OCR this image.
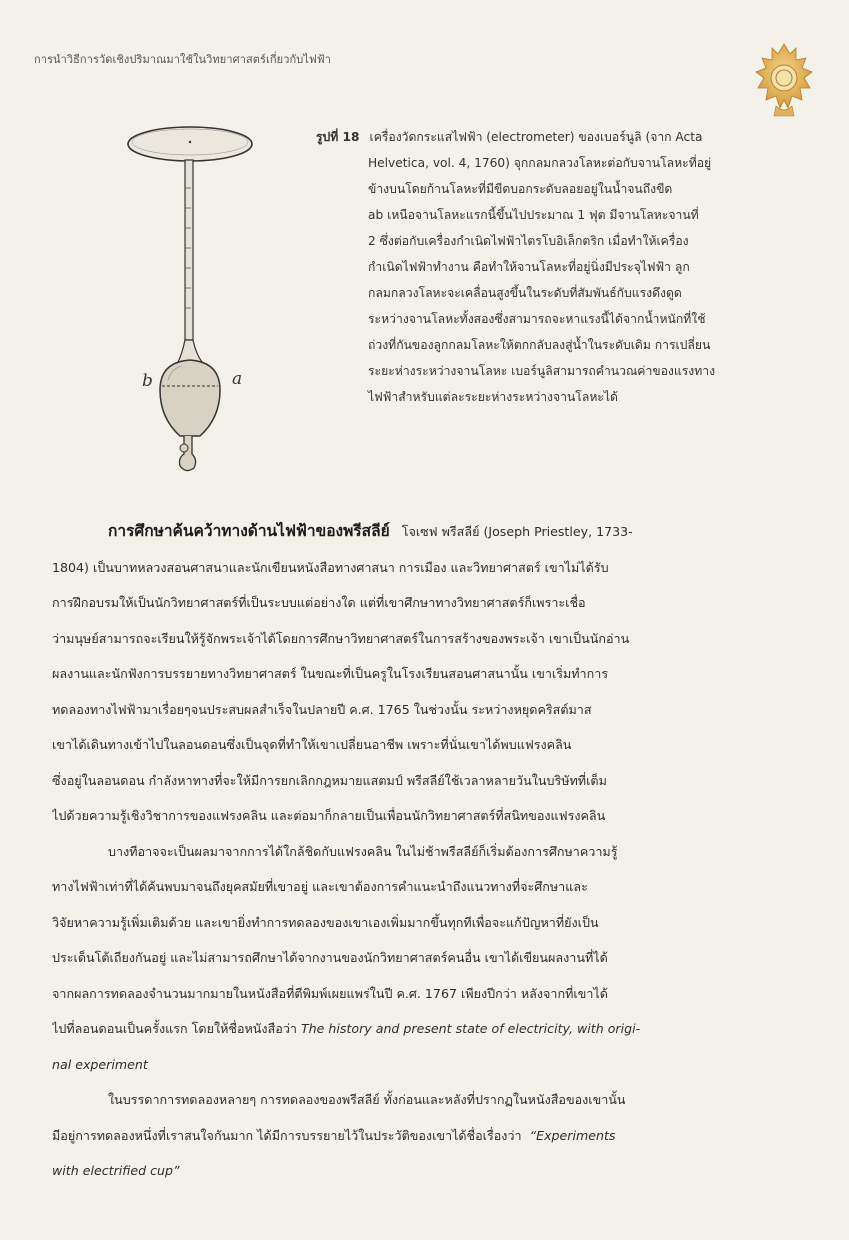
การนำวิธีการวัดเชิงปริมาณมาใช้ในวิทยาศาสตร์เกี่ยวกับไฟฟ้า
b	a
รูปที่ 18 เครื่องวัดกระแสไฟฟ้า (electrometer) ของเบอร์นูลิ (จาก Acta
Helvetica, vol. 4, 1760) จุกกลมกลวงโลหะต่อกับจานโลหะที่อยู่
ข้างบนโดยก้านโลหะที่มีขีดบอกระดับลอยอยู่ในน้ำจนถึงขีด
ab เหนือจานโลหะแรกนี้ขึ้นไปประมาณ 1 ฟุต มีจานโลหะจานที่
2 ซึ่งต่อกับเครื่องกำเนิดไฟฟ้าไตรโบอิเล็กตริก เมื่อทำให้เครื่อง
กำเนิดไฟฟ้าทำงาน คือทำให้จานโลหะที่อยู่นิ่งมีประจุไฟฟ้า ลูก
กลมกลวงโลหะจะเคลื่อนสูงขึ้นในระดับที่สัมพันธ์กับแรงดึงดูด
ระหว่างจานโลหะทั้งสองซึ่งสามารถจะหาแรงนี้ได้จากน้ำหนักที่ใช้
ถ่วงที่กันของลูกกลมโลหะให้ตกกลับลงสู่น้ำในระดับเดิม การเปลี่ยน
ระยะห่างระหว่างจานโลหะ เบอร์นูลิสามารถคำนวณค่าของแรงทาง
ไฟฟ้าสำหรับแต่ละระยะห่างระหว่างจานโลหะได้
การศึกษาค้นคว้าทางด้านไฟฟ้าของพรีสลีย์ โจเซฟ พรีสลีย์ (Joseph Priestley, 1733-
1804) เป็นบาทหลวงสอนศาสนาและนักเขียนหนังสือทางศาสนา การเมือง และวิทยาศาสตร์ เขาไม่ได้รับ
การฝึกอบรมให้เป็นนักวิทยาศาสตร์ที่เป็นระบบแต่อย่างใด แต่ที่เขาศึกษาทางวิทยาศาสตร์ก็เพราะเชื่อ
ว่ามนุษย์สามารถจะเรียนให้รู้จักพระเจ้าได้โดยการศึกษาวิทยาศาสตร์ในการสร้างของพระเจ้า เขาเป็นนักอ่าน
ผลงานและนักฟังการบรรยายทางวิทยาศาสตร์ ในขณะที่เป็นครูในโรงเรียนสอนศาสนานั้น เขาเริ่มทำการ
ทดลองทางไฟฟ้ามาเรื่อยๆจนประสบผลสำเร็จในปลายปี ค.ศ. 1765 ในช่วงนั้น ระหว่างหยุดคริสต์มาส
เขาได้เดินทางเข้าไปในลอนดอนซึ่งเป็นจุดที่ทำให้เขาเปลี่ยนอาชีพ เพราะที่นั่นเขาได้พบแฟรงคลิน
ซึ่งอยู่ในลอนดอน กำลังหาทางที่จะให้มีการยกเลิกกฎหมายแสตมป์ พรีสลีย์ใช้เวลาหลายวันในบริษัทที่เต็ม
ไปด้วยความรู้เชิงวิชาการของแฟรงคลิน และต่อมาก็กลายเป็นเพื่อนนักวิทยาศาสตร์ที่สนิทของแฟรงคลิน
บางทีอาจจะเป็นผลมาจากการได้ใกล้ชิดกับแฟรงคลิน ในไม่ช้าพรีสลีย์ก็เริ่มต้องการศึกษาความรู้
ทางไฟฟ้าเท่าที่ได้ค้นพบมาจนถึงยุคสมัยที่เขาอยู่ และเขาต้องการคำแนะนำถึงแนวทางที่จะศึกษาและ
วิจัยหาความรู้เพิ่มเติมด้วย และเขายิ่งทำการทดลองของเขาเองเพิ่มมากขึ้นทุกทีเพื่อจะแก้ปัญหาที่ยังเป็น
ประเด็นโต้เถียงกันอยู่ และไม่สามารถศึกษาได้จากงานของนักวิทยาศาสตร์คนอื่น เขาได้เขียนผลงานที่ได้
จากผลการทดลองจำนวนมากมายในหนังสือที่ตีพิมพ์เผยแพร่ในปี ค.ศ. 1767 เพียงปีกว่า หลังจากที่เขาได้
ไปที่ลอนดอนเป็นครั้งแรก โดยให้ชื่อหนังสือว่า The history and present state of electricity, with origi-
nal experiment
ในบรรดาการทดลองหลายๆ การทดลองของพรีสลีย์ ทั้งก่อนและหลังที่ปรากฏในหนังสือของเขานั้น
มีอยู่การทดลองหนึ่งที่เราสนใจกันมาก ได้มีการบรรยายไว้ในประวัติของเขาได้ชื่อเรื่องว่า “Experiments
with electrified cup”
